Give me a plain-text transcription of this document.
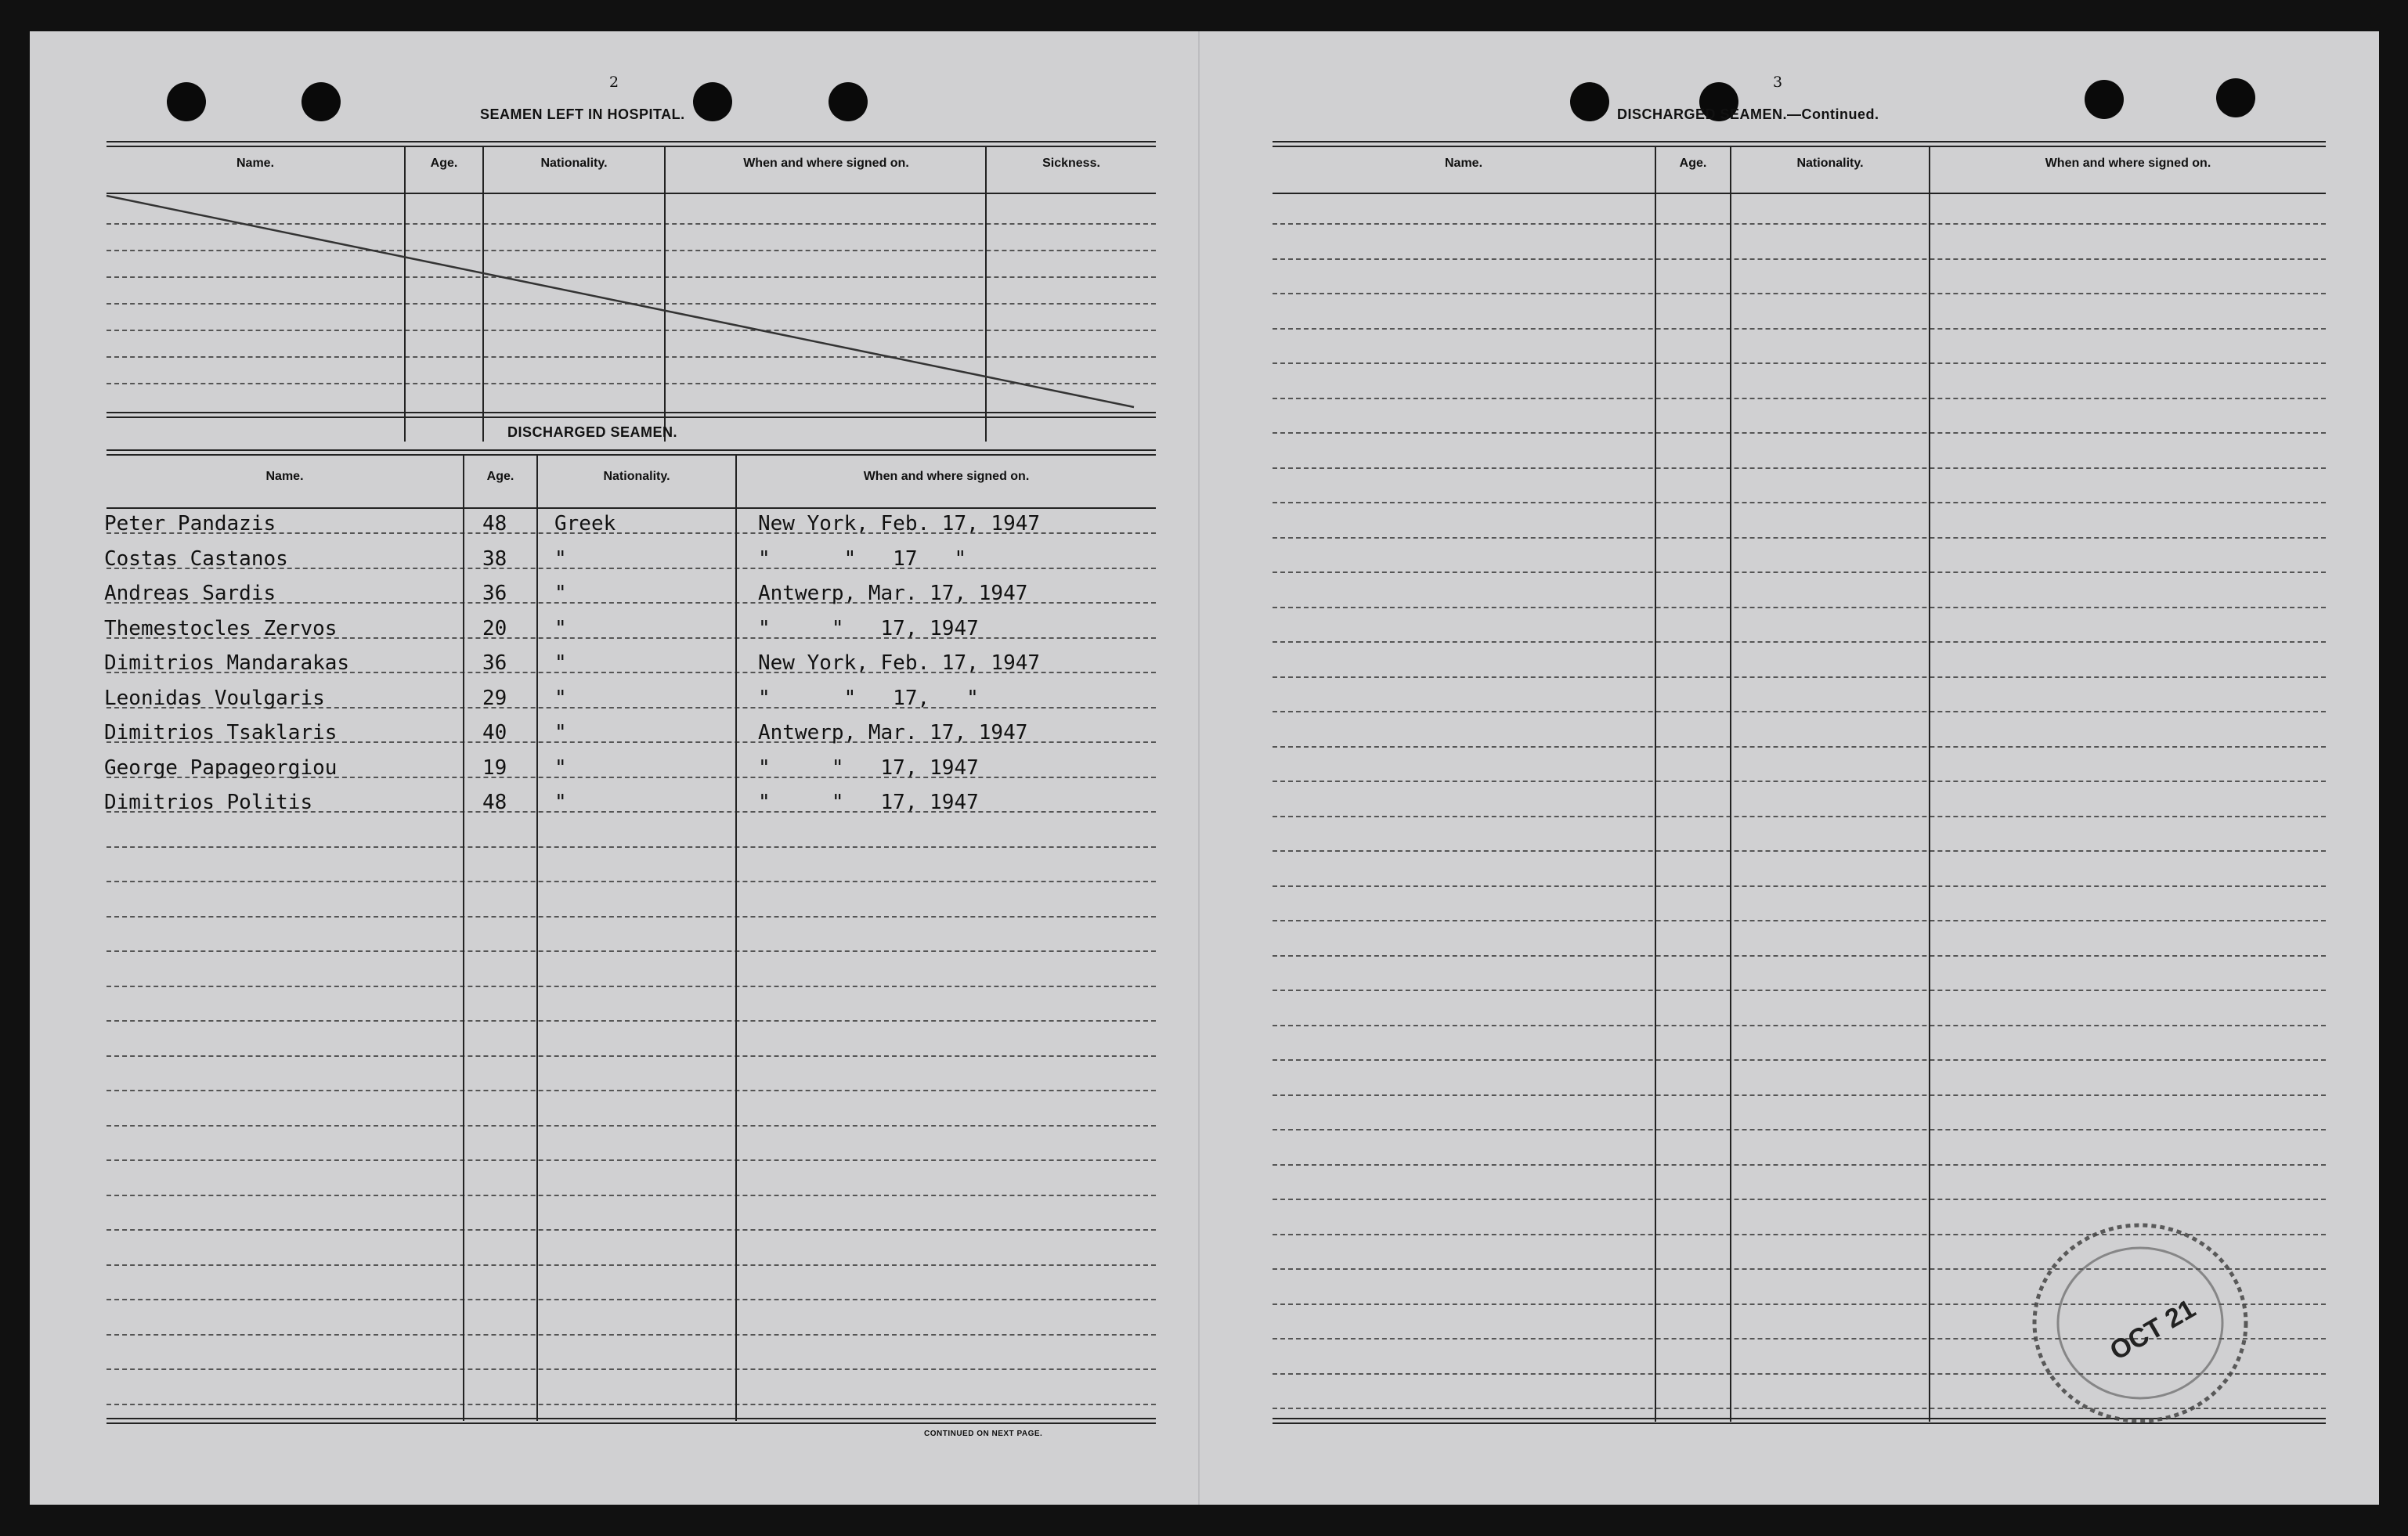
2
SEAMEN LEFT IN HOSPITAL.
Name.	Age.	Nationality.	When and where signed on.	Sickness.
DISCHARGED SEAMEN.
Name.	Age.	Nationality.	When and where signed on.
Peter Pandazis	48 Greek	New York, Feb. 17, 1947
Costas Castanos	38 "	"      "   17   "
Andreas Sardis	36 "	Antwerp, Mar. 17, 1947
Themestocles Zervos	20 "	"     "   17, 1947
Dimitrios Mandarakas	36 "	New York, Feb. 17, 1947
Leonidas Voulgaris	29 "	"      "   17,   "
Dimitrios Tsaklaris	40 "	Antwerp, Mar. 17, 1947
George Papageorgiou	19 "	"     "   17, 1947
Dimitrios Politis	48 "	"     "   17, 1947
CONTINUED ON NEXT PAGE.
3
DISCHARGED SEAMEN.—Continued.
Name.	Age.	Nationality.	When and where signed on.
OCT 21
